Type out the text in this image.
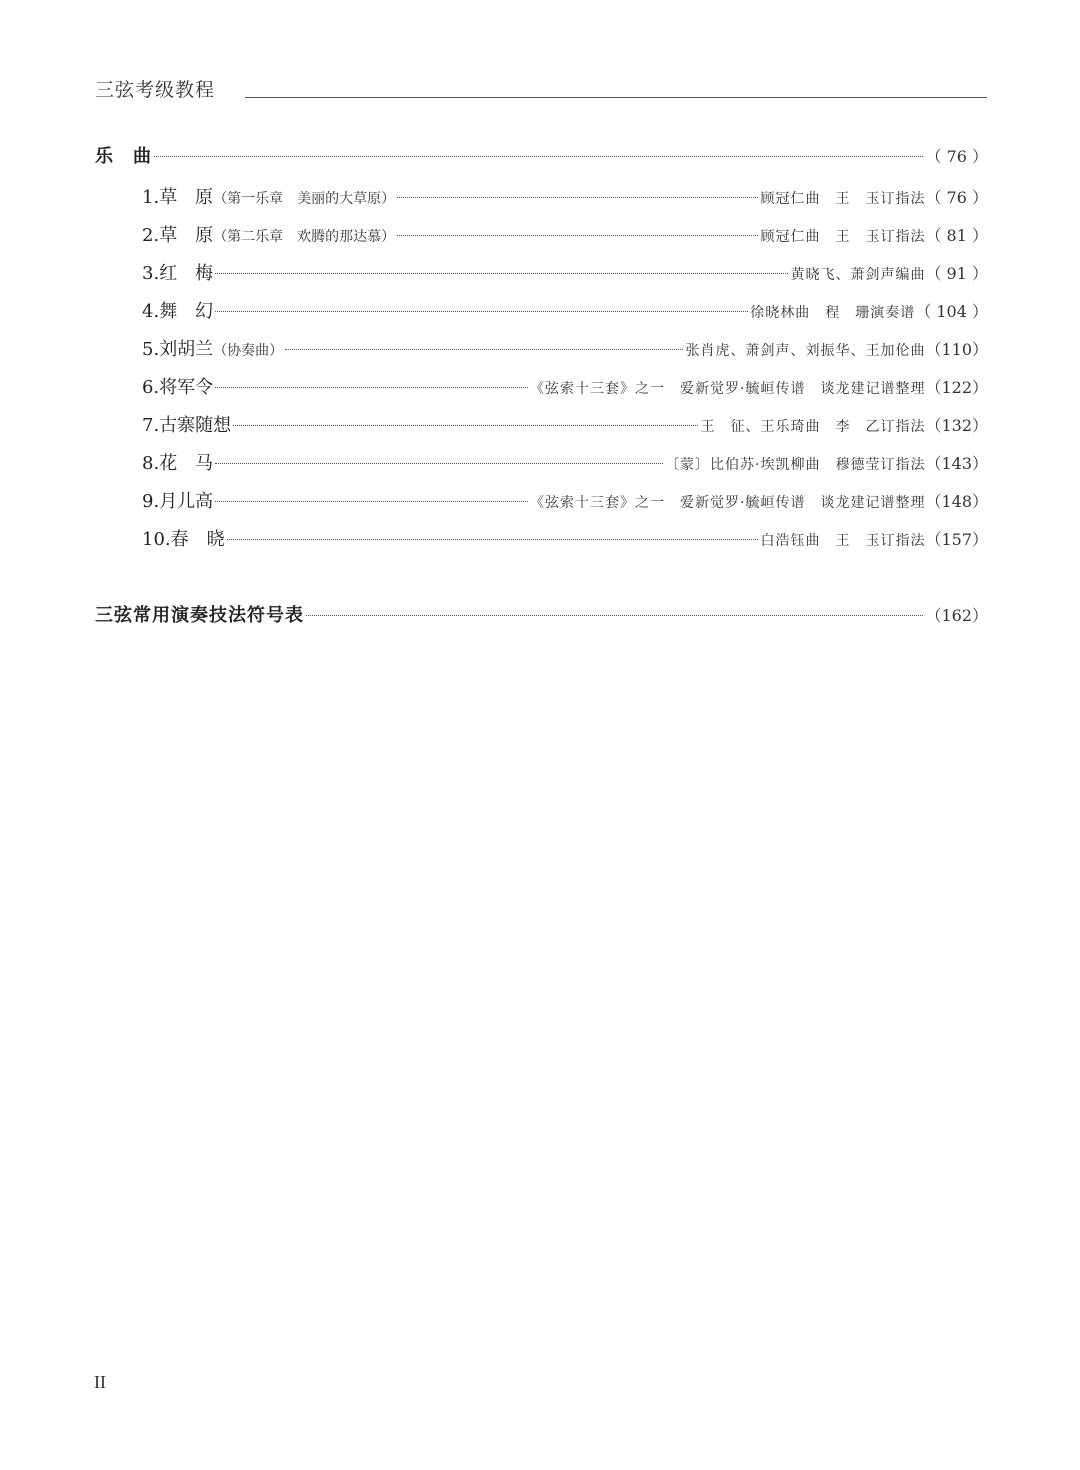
三弦考级教程
乐　曲	（ 76 ）
1. 草　原 （第一乐章　美丽的大草原）	顾冠仁曲　王　玉订指法 （ 76 ）
2. 草　原 （第二乐章　欢腾的那达慕）	顾冠仁曲　王　玉订指法 （ 81 ）
3. 红　梅	黄晓飞、萧剑声编曲 （ 91 ）
4. 舞　幻	徐晓林曲　程　珊演奏谱 （ 104 ）
5. 刘胡兰 （协奏曲）	张肖虎、萧剑声、刘振华、王加伦曲 （110）
6. 将军令	《弦索十三套》之一　爱新觉罗·毓峘传谱　谈龙建记谱整理 （122）
7. 古寨随想	王　征、王乐琦曲　李　乙订指法 （132）
8. 花　马	〔蒙〕比伯苏·埃凯柳曲　穆德莹订指法 （143）
9. 月儿高	《弦索十三套》之一　爱新觉罗·毓峘传谱　谈龙建记谱整理 （148）
10. 春　晓	白浩钰曲　王　玉订指法 （157）
三弦常用演奏技法符号表	（162）
II
